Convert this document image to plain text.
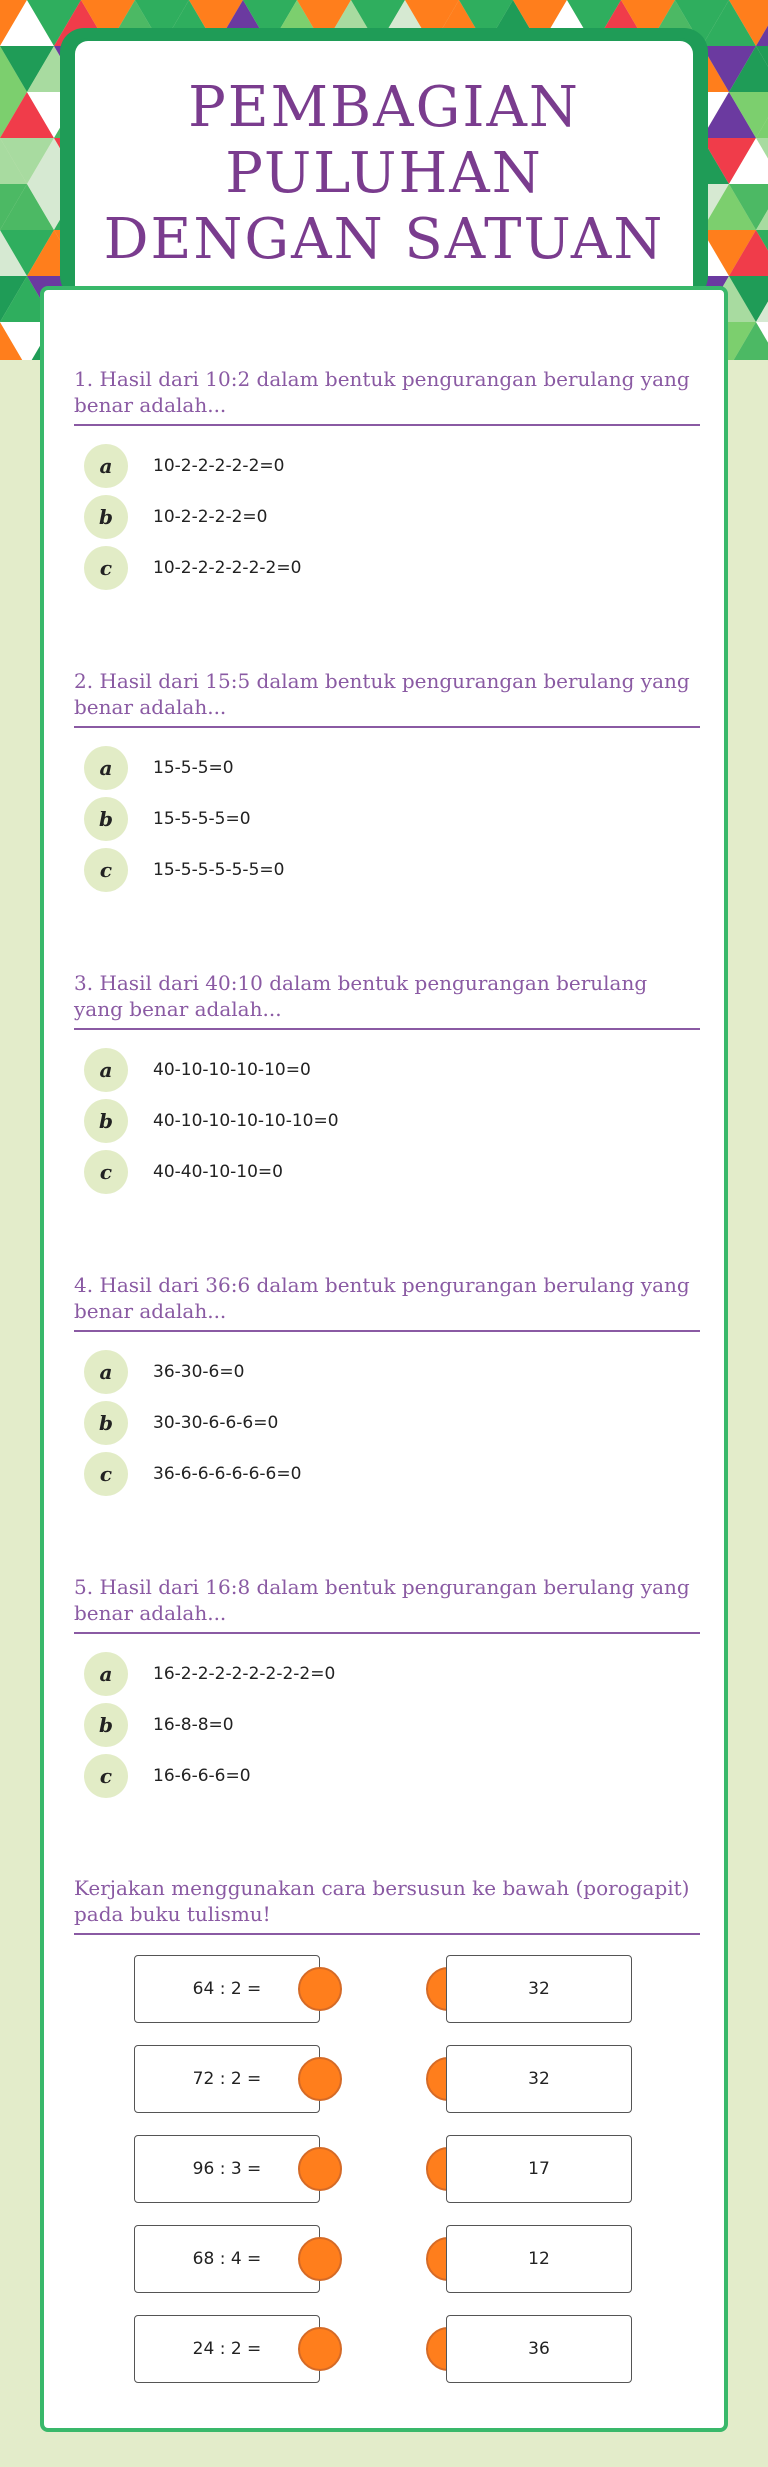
PEMBAGIAN PULUHAN DENGAN SATUAN

1. Hasil dari 10:2 dalam bentuk pengurangan berulang yang benar adalah...

a	10-2-2-2-2-2=0
b	10-2-2-2-2=0
c	10-2-2-2-2-2-2=0

2. Hasil dari 15:5 dalam bentuk pengurangan berulang yang benar adalah...

a	15-5-5=0
b	15-5-5-5=0
c	15-5-5-5-5-5=0

3. Hasil dari 40:10 dalam bentuk pengurangan berulang yang benar adalah...

a	40-10-10-10-10=0
b	40-10-10-10-10-10=0
c	40-40-10-10=0

4. Hasil dari 36:6 dalam bentuk pengurangan berulang yang benar adalah...

a	36-30-6=0
b	30-30-6-6-6=0
c	36-6-6-6-6-6-6=0

5. Hasil dari 16:8 dalam bentuk pengurangan berulang yang benar adalah...

a	16-2-2-2-2-2-2-2-2=0
b	16-8-8=0
c	16-6-6-6=0

Kerjakan menggunakan cara bersusun ke bawah (porogapit) pada buku tulismu!

64 : 2 =	32
72 : 2 =	32
96 : 3 =	17
68 : 4 =	12
24 : 2 =	36
